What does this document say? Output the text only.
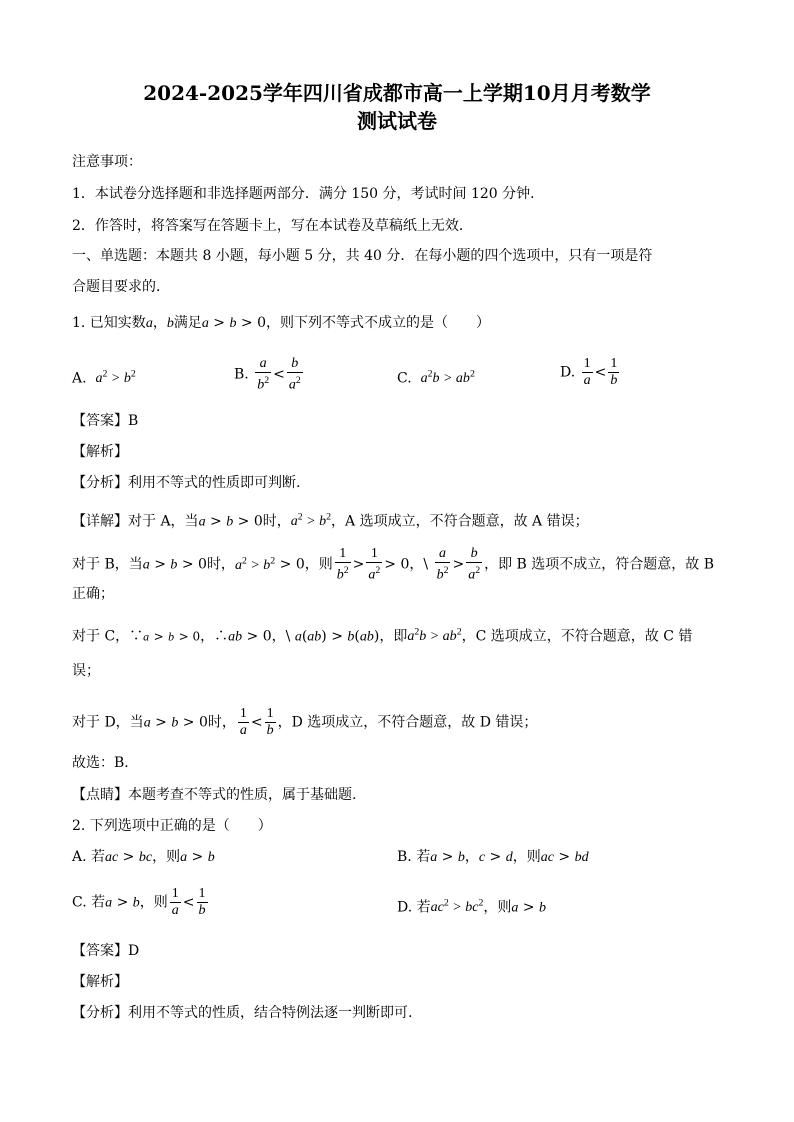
2024-2025学年四川省成都市高一上学期10月月考数学
测试试卷
注意事项：
1．本试卷分选择题和非选择题两部分．满分 150 分，考试时间 120 分钟．
2．作答时，将答案写在答题卡上，写在本试卷及草稿纸上无效．
一、单选题：本题共 8 小题，每小题 5 分，共 40 分．在每小题的四个选项中，只有一项是符
合题目要求的．
1. 已知实数a，b满足a > b > 0，则下列不等式不成立的是（　　）
A. $a^2 > b^2$	B. $\frac{a}{b^2} < \frac{b}{a^2}$	C. $a^2b > ab^2$	D. $\frac{1}{a} < \frac{1}{b}$
【答案】B
【解析】
【分析】利用不等式的性质即可判断.
【详解】对于 A，当a > b > 0时，$a^2 > b^2$，A 选项成立，不符合题意，故 A 错误；
对于 B，当a > b > 0时，$a^2 > b^2 > 0$，则 $\frac{1}{b^2} > \frac{1}{a^2} > 0$，\ $\frac{a}{b^2} > \frac{b}{a^2}$ ，即 B 选项不成立，符合题意，故 B
正确；
对于 C，∵a > b > 0，∴ab > 0，\ a(ab) > b(ab)，即$a^2b > ab^2$，C 选项成立，不符合题意，故 C 错
误；
对于 D，当a > b > 0时， $\frac{1}{a} < \frac{1}{b}$ ，D 选项成立，不符合题意，故 D 错误；
故选：B.
【点睛】本题考查不等式的性质，属于基础题.
2. 下列选项中正确的是（　　）
A. 若ac > bc，则a > b	B. 若a > b，c > d，则ac > bd
C. 若a > b，则 $\frac{1}{a} < \frac{1}{b}$	D. 若$ac^2 > bc^2$，则a > b
【答案】D
【解析】
【分析】利用不等式的性质，结合特例法逐一判断即可.
